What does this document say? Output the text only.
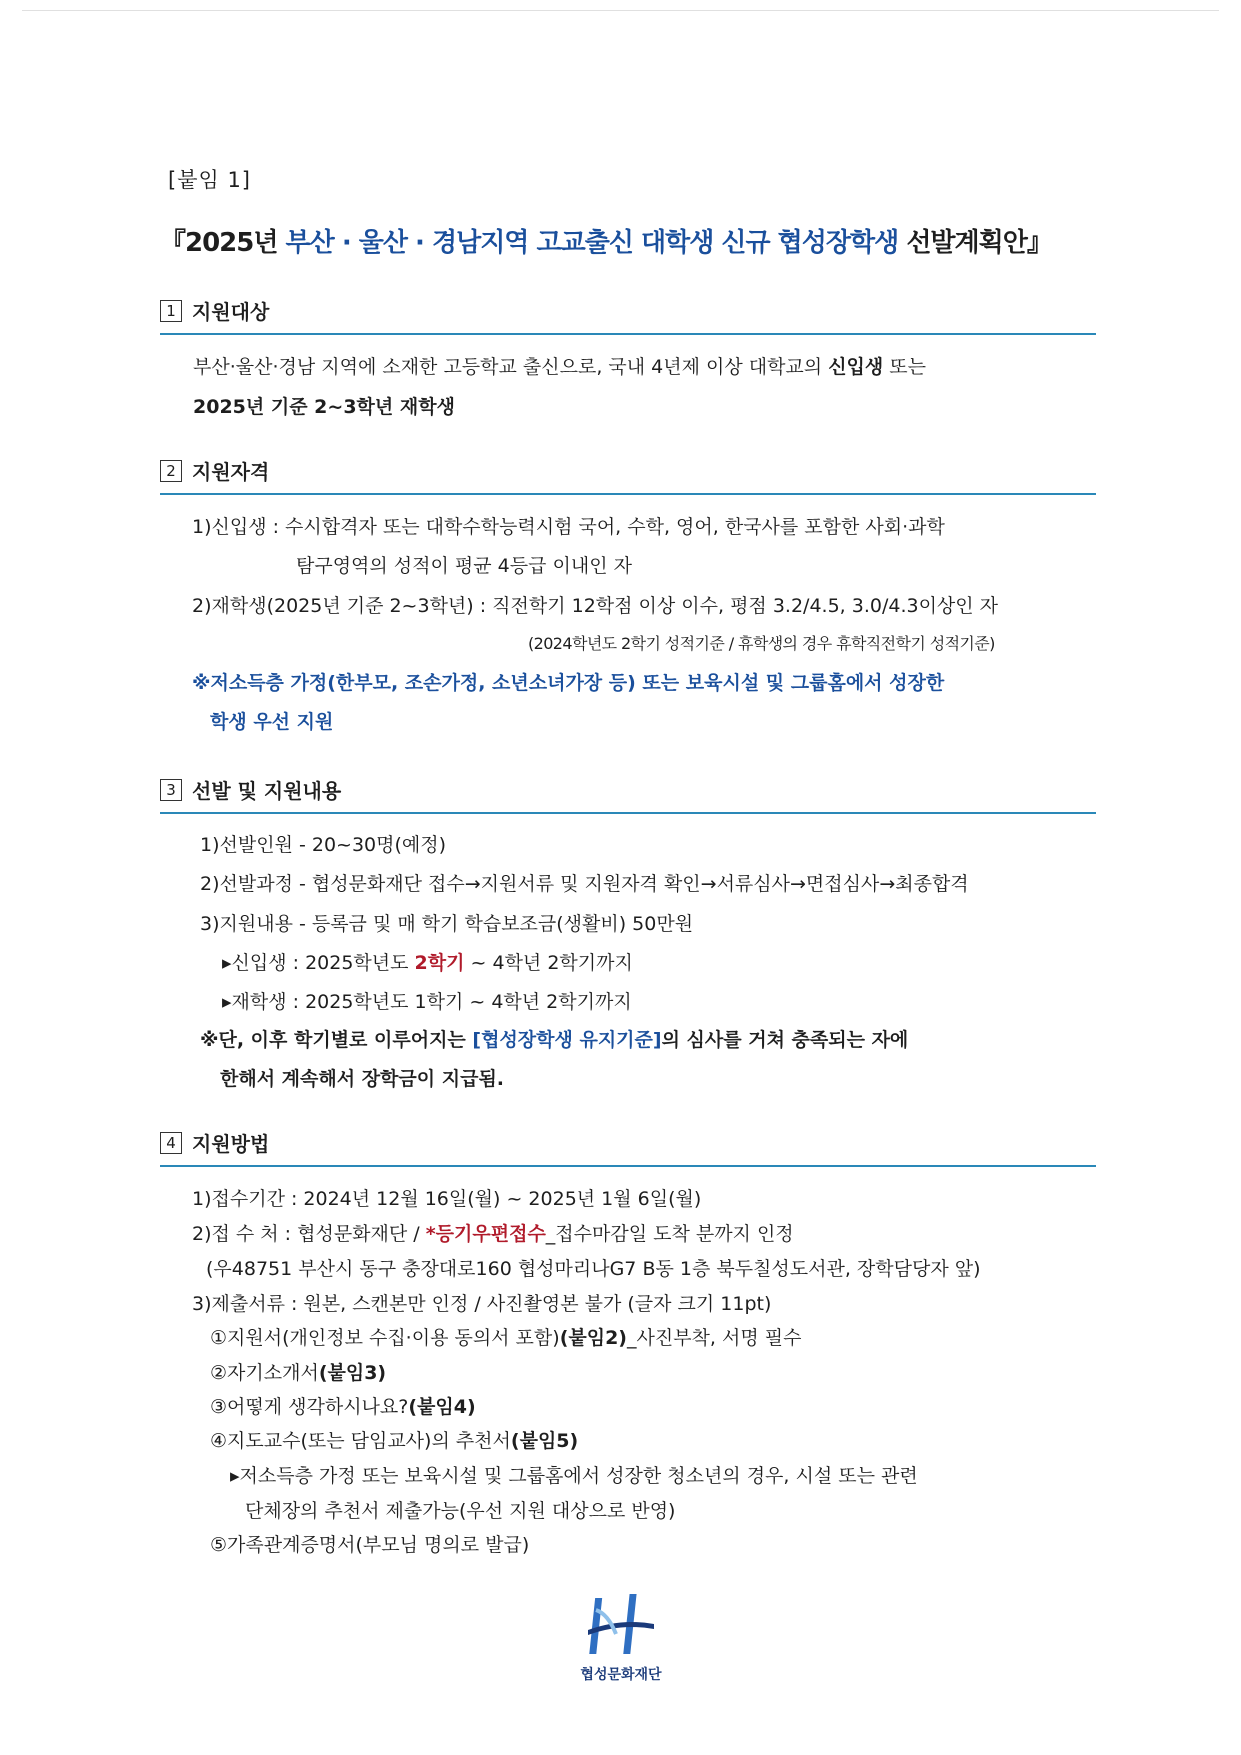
[붙임 1]
『2025년 부산 · 울산 · 경남지역 고교출신 대학생 신규 협성장학생 선발계획안』
1 지원대상
부산·울산·경남 지역에 소재한 고등학교 출신으로, 국내 4년제 이상 대학교의 신입생 또는
2025년 기준 2~3학년 재학생
2 지원자격
1)신입생 : 수시합격자 또는 대학수학능력시험 국어, 수학, 영어, 한국사를 포함한 사회·과학
탐구영역의 성적이 평균 4등급 이내인 자
2)재학생(2025년 기준 2~3학년) : 직전학기 12학점 이상 이수, 평점 3.2/4.5, 3.0/4.3이상인 자
(2024학년도 2학기 성적기준 / 휴학생의 경우 휴학직전학기 성적기준)
※저소득층 가정(한부모, 조손가정, 소년소녀가장 등) 또는 보육시설 및 그룹홈에서 성장한
학생 우선 지원
3 선발 및 지원내용
1)선발인원 - 20~30명(예정)
2)선발과정 - 협성문화재단 접수→지원서류 및 지원자격 확인→서류심사→면접심사→최종합격
3)지원내용 - 등록금 및 매 학기 학습보조금(생활비) 50만원
▸신입생 : 2025학년도 2학기 ~ 4학년 2학기까지
▸재학생 : 2025학년도 1학기 ~ 4학년 2학기까지
※단, 이후 학기별로 이루어지는 [협성장학생 유지기준]의 심사를 거쳐 충족되는 자에
한해서 계속해서 장학금이 지급됨.
4 지원방법
1)접수기간 : 2024년 12월 16일(월) ~ 2025년 1월 6일(월)
2)접 수 처 : 협성문화재단 / *등기우편접수_접수마감일 도착 분까지 인정
(우48751 부산시 동구 충장대로160 협성마리나G7 B동 1층 북두칠성도서관, 장학담당자 앞)
3)제출서류 : 원본, 스캔본만 인정 / 사진촬영본 불가 (글자 크기 11pt)
①지원서(개인정보 수집·이용 동의서 포함)(붙임2)_사진부착, 서명 필수
②자기소개서(붙임3)
③어떻게 생각하시나요?(붙임4)
④지도교수(또는 담임교사)의 추천서(붙임5)
▸저소득층 가정 또는 보육시설 및 그룹홈에서 성장한 청소년의 경우, 시설 또는 관련
단체장의 추천서 제출가능(우선 지원 대상으로 반영)
⑤가족관계증명서(부모님 명의로 발급)
협성문화재단
